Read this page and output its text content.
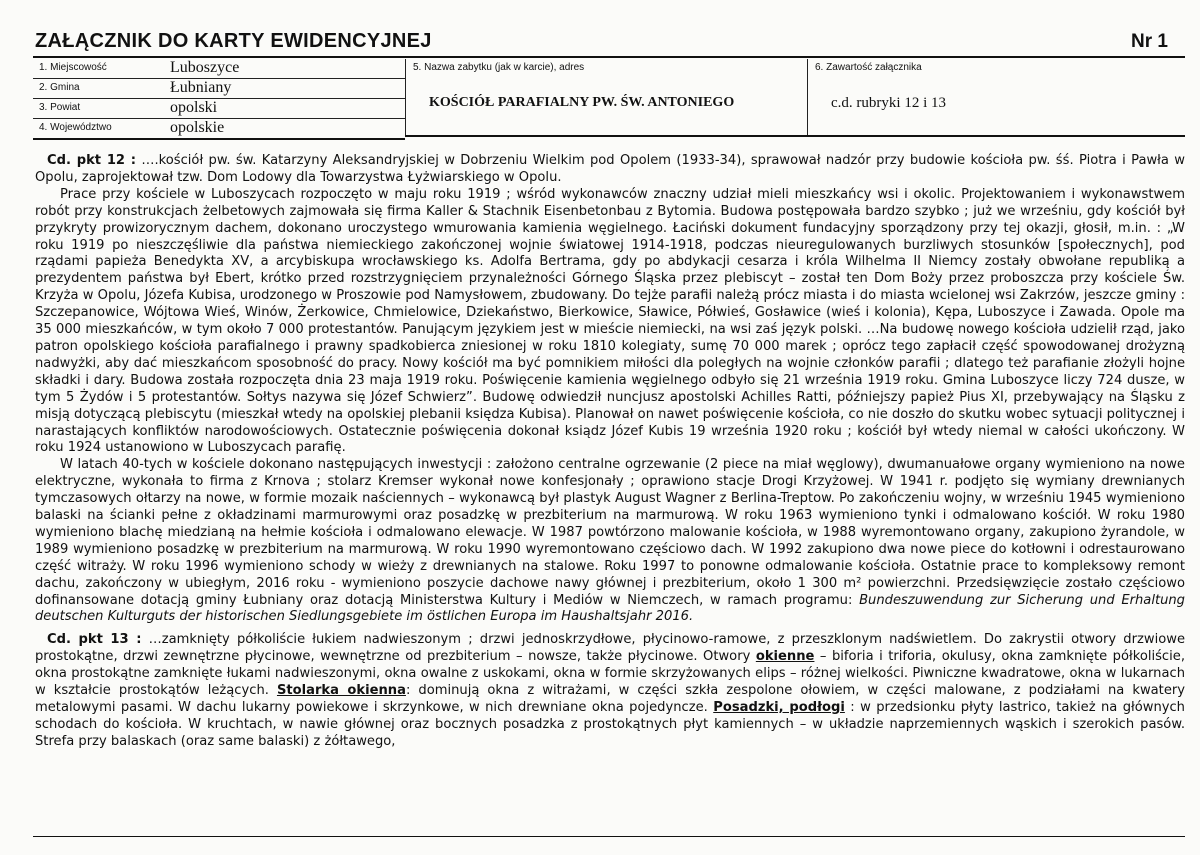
ZAŁĄCZNIK DO KARTY EWIDENCYJNEJ	Nr 1
1. Miejscowość	Luboszyce
2. Gmina	Łubniany
3. Powiat	opolski
4. Województwo	opolskie
5. Nazwa zabytku (jak w karcie), adres
KOŚCIÓŁ PARAFIALNY PW. ŚW. ANTONIEGO
6. Zawartość załącznika
c.d. rubryki 12 i 13

Cd. pkt 12 : ….kościół pw. św. Katarzyny Aleksandryjskiej w Dobrzeniu Wielkim pod Opolem (1933-34), sprawował nadzór przy budowie kościoła pw. śś. Piotra i Pawła w Opolu, zaprojektował tzw. Dom Lodowy dla Towarzystwa Łyżwiarskiego w Opolu.

Prace przy kościele w Luboszycach rozpoczęto w maju roku 1919 ; wśród wykonawców znaczny udział mieli mieszkańcy wsi i okolic. Projektowaniem i wykonawstwem robót przy konstrukcjach żelbetowych zajmowała się firma Kaller & Stachnik Eisenbetonbau z Bytomia. Budowa postępowała bardzo szybko ; już we wrześniu, gdy kościół był przykryty prowizorycznym dachem, dokonano uroczystego wmurowania kamienia węgielnego. Łaciński dokument fundacyjny sporządzony przy tej okazji, głosił, m.in. : „W roku 1919 po nieszczęśliwie dla państwa niemieckiego zakończonej wojnie światowej 1914-1918, podczas nieuregulowanych burzliwych stosunków [społecznych], pod rządami papieża Benedykta XV, a arcybiskupa wrocławskiego ks. Adolfa Bertrama, gdy po abdykacji cesarza i króla Wilhelma II Niemcy zostały obwołane republiką a prezydentem państwa był Ebert, krótko przed rozstrzygnięciem przynależności Górnego Śląska przez plebiscyt – został ten Dom Boży przez proboszcza przy kościele Św. Krzyża w Opolu, Józefa Kubisa, urodzonego w Proszowie pod Namysłowem, zbudowany. Do tejże parafii należą prócz miasta i do miasta wcielonej wsi Zakrzów, jeszcze gminy : Szczepanowice, Wójtowa Wieś, Winów, Żerkowice, Chmielowice, Dziekaństwo, Bierkowice, Sławice, Półwieś, Gosławice (wieś i kolonia), Kępa, Luboszyce i Zawada. Opole ma 35 000 mieszkańców, w tym około 7 000 protestantów. Panującym językiem jest w mieście niemiecki, na wsi zaś język polski. …Na budowę nowego kościoła udzielił rząd, jako patron opolskiego kościoła parafialnego i prawny spadkobierca zniesionej w roku 1810 kolegiaty, sumę 70 000 marek ; oprócz tego zapłacił część spowodowanej drożyzną nadwyżki, aby dać mieszkańcom sposobność do pracy. Nowy kościół ma być pomnikiem miłości dla poległych na wojnie członków parafii ; dlatego też parafianie złożyli hojne składki i dary. Budowa została rozpoczęta dnia 23 maja 1919 roku. Poświęcenie kamienia węgielnego odbyło się 21 września 1919 roku. Gmina Luboszyce liczy 724 dusze, w tym 5 Żydów i 5 protestantów. Sołtys nazywa się Józef Schwierz”. Budowę odwiedził nuncjusz apostolski Achilles Ratti, późniejszy papież Pius XI, przebywający na Śląsku z misją dotyczącą plebiscytu (mieszkał wtedy na opolskiej plebanii księdza Kubisa). Planował on nawet poświęcenie kościoła, co nie doszło do skutku wobec sytuacji politycznej i narastających konfliktów narodowościowych. Ostatecznie poświęcenia dokonał ksiądz Józef Kubis 19 września 1920 roku ; kościół był wtedy niemal w całości ukończony. W roku 1924 ustanowiono w Luboszycach parafię.

W latach 40-tych w kościele dokonano następujących inwestycji : założono centralne ogrzewanie (2 piece na miał węglowy), dwumanuałowe organy wymieniono na nowe elektryczne, wykonała to firma z Krnova ; stolarz Kremser wykonał nowe konfesjonały ; oprawiono stacje Drogi Krzyżowej. W 1941 r. podjęto się wymiany drewnianych tymczasowych ołtarzy na nowe, w formie mozaik naściennych – wykonawcą był plastyk August Wagner z Berlina-Treptow. Po zakończeniu wojny, w wrześniu 1945 wymieniono balaski na ścianki pełne z okładzinami marmurowymi oraz posadzkę w prezbiterium na marmurową. W roku 1963 wymieniono tynki i odmalowano kościół. W roku 1980 wymieniono blachę miedzianą na hełmie kościoła i odmalowano elewacje. W 1987 powtórzono malowanie kościoła, w 1988 wyremontowano organy, zakupiono żyrandole, w 1989 wymieniono posadzkę w prezbiterium na marmurową. W roku 1990 wyremontowano częściowo dach. W 1992 zakupiono dwa nowe piece do kotłowni i odrestaurowano część witraży. W roku 1996 wymieniono schody w wieży z drewnianych na stalowe. Roku 1997 to ponowne odmalowanie kościoła. Ostatnie prace to kompleksowy remont dachu, zakończony w ubiegłym, 2016 roku - wymieniono poszycie dachowe nawy głównej i prezbiterium, około 1 300 m² powierzchni. Przedsięwzięcie zostało częściowo dofinansowane dotacją gminy Łubniany oraz dotacją Ministerstwa Kultury i Mediów w Niemczech, w ramach programu: Bundeszuwendung zur Sicherung und Erhaltung deutschen Kulturguts der historischen Siedlungsgebiete im östlichen Europa im Haushaltsjahr 2016.

Cd. pkt 13 : …zamknięty półkoliście łukiem nadwieszonym ; drzwi jednoskrzydłowe, płycinowo-ramowe, z przeszklonym nadświetlem. Do zakrystii otwory drzwiowe prostokątne, drzwi zewnętrzne płycinowe, wewnętrzne od prezbiterium – nowsze, także płycinowe. Otwory okienne – biforia i triforia, okulusy, okna zamknięte półkoliście, okna prostokątne zamknięte łukami nadwieszonymi, okna owalne z uskokami, okna w formie skrzyżowanych elips – różnej wielkości. Piwniczne kwadratowe, okna w lukarnach w kształcie prostokątów leżących. Stolarka okienna: dominują okna z witrażami, w części szkła zespolone ołowiem, w części malowane, z podziałami na kwatery metalowymi pasami. W dachu lukarny powiekowe i skrzynkowe, w nich drewniane okna pojedyncze. Posadzki, podłogi : w przedsionku płyty lastrico, takież na głównych schodach do kościoła. W kruchtach, w nawie głównej oraz bocznych posadzka z prostokątnych płyt kamiennych – w układzie naprzemiennych wąskich i szerokich pasów. Strefa przy balaskach (oraz same balaski) z żółtawego,
